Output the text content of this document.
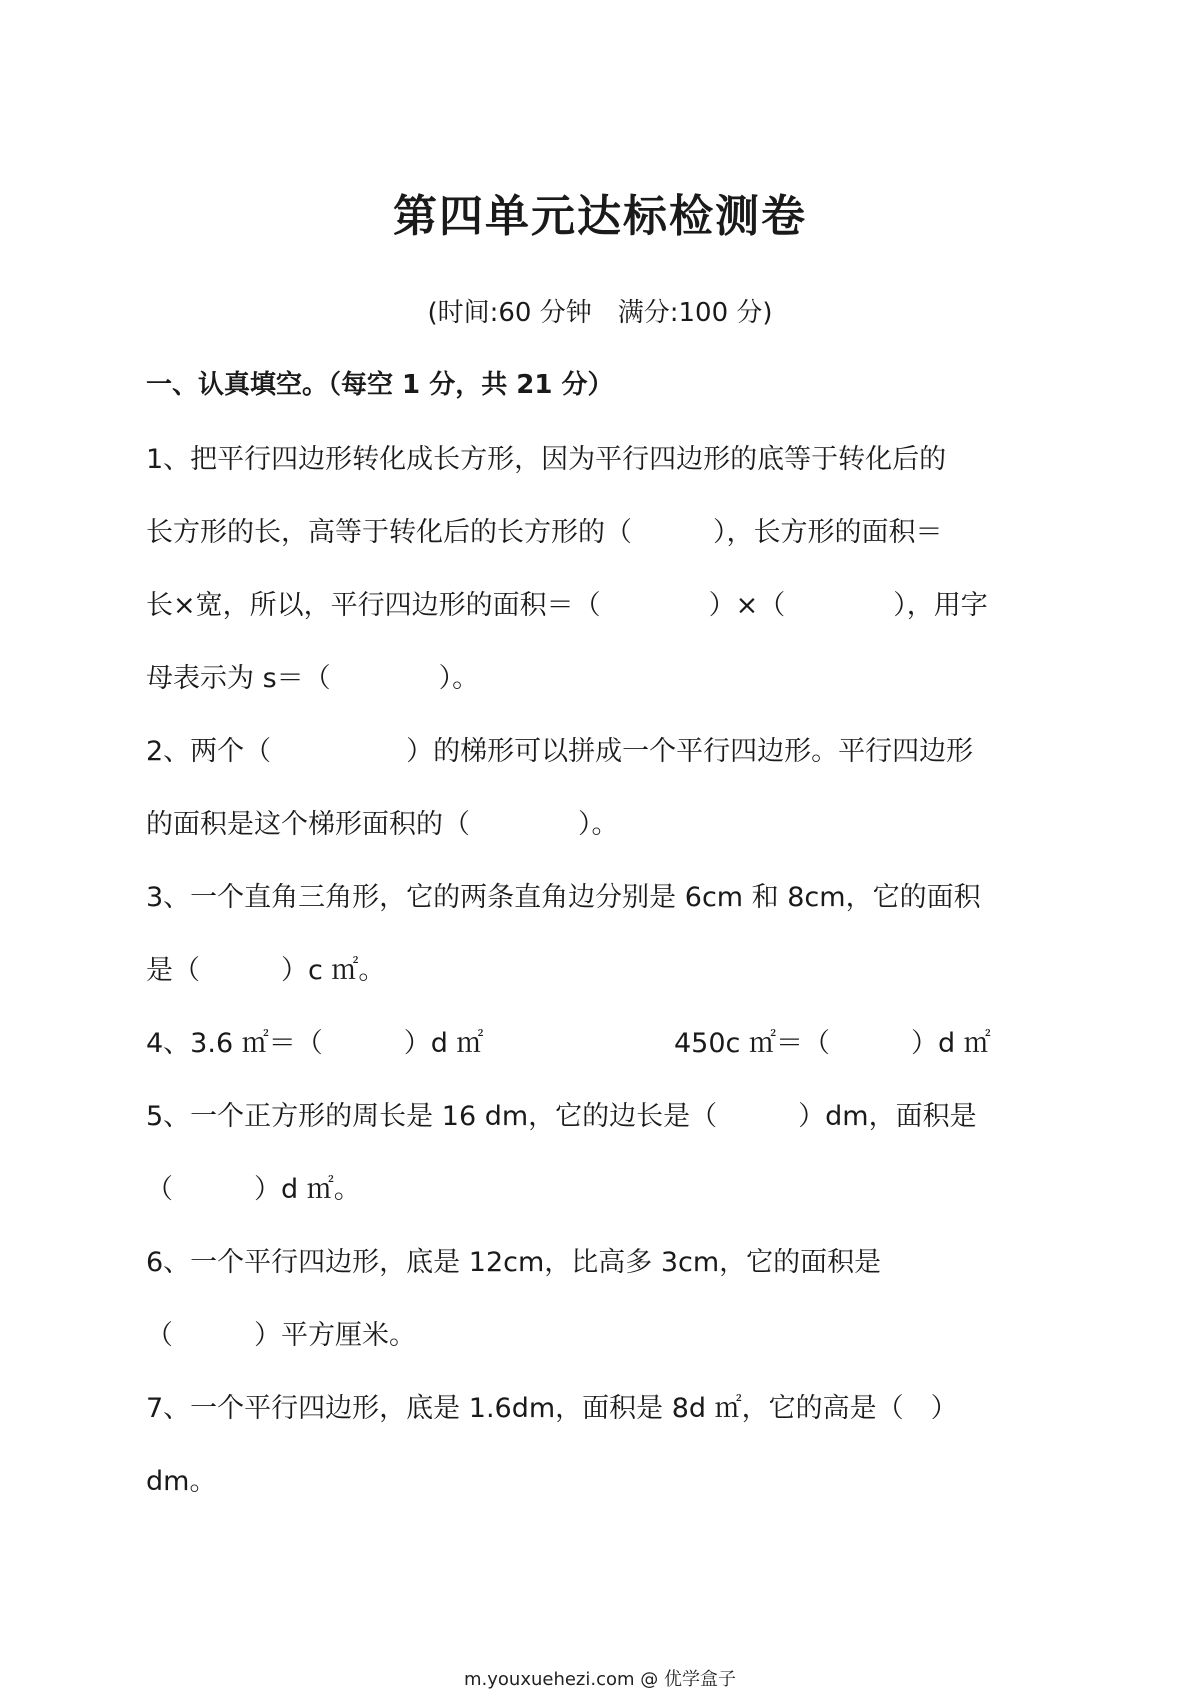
第四单元达标检测卷
(时间:60 分钟　满分:100 分)
一、认真填空。（每空 1 分，共 21 分）
1、把平行四边形转化成长方形，因为平行四边形的底等于转化后的
长方形的长，高等于转化后的长方形的（　　　），长方形的面积＝
长×宽，所以，平行四边形的面积＝（　　　　）×（　　　　），用字
母表示为 s＝（　　　　）。
2、两个（　　　　　）的梯形可以拼成一个平行四边形。平行四边形
的面积是这个梯形面积的（　　　　）。
3、一个直角三角形，它的两条直角边分别是 6cm 和 8cm，它的面积
是（　　　）c ㎡。
4、3.6 ㎡＝（　　　）d ㎡	450c ㎡＝（　　　）d ㎡
5、一个正方形的周长是 16 dm，它的边长是（　　　）dm，面积是
（　　　）d ㎡。
6、一个平行四边形，底是 12cm，比高多 3cm，它的面积是
（　　　）平方厘米。
7、一个平行四边形，底是 1.6dm，面积是 8d ㎡，它的高是（　）
dm。
m.youxuehezi.com @ 优学盒子
